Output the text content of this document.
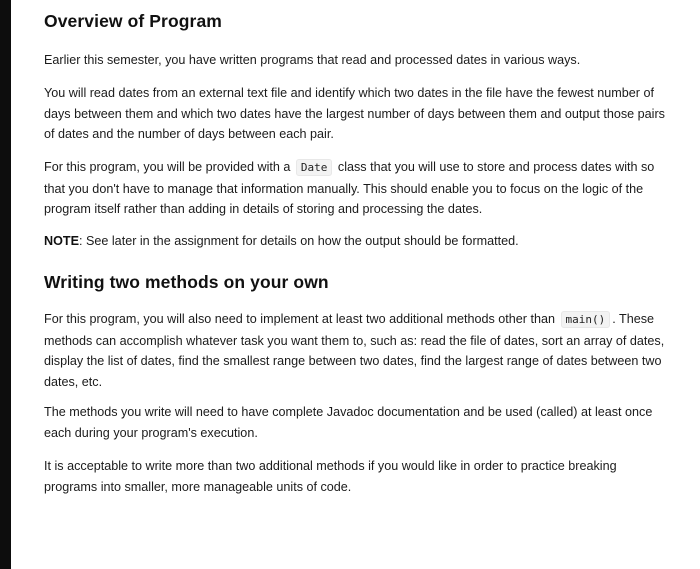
Overview of Program

Earlier this semester, you have written programs that read and processed dates in various ways.

You will read dates from an external text file and identify which two dates in the file have the fewest number of days between them and which two dates have the largest number of days between them and output those pairs of dates and the number of days between each pair.

For this program, you will be provided with a Date class that you will use to store and process dates with so that you don't have to manage that information manually. This should enable you to focus on the logic of the program itself rather than adding in details of storing and processing the dates.

NOTE: See later in the assignment for details on how the output should be formatted.

Writing two methods on your own

For this program, you will also need to implement at least two additional methods other than main() . These methods can accomplish whatever task you want them to, such as: read the file of dates, sort an array of dates, display the list of dates, find the smallest range between two dates, find the largest range of dates between two dates, etc.

The methods you write will need to have complete Javadoc documentation and be used (called) at least once each during your program's execution.

It is acceptable to write more than two additional methods if you would like in order to practice breaking programs into smaller, more manageable units of code.
